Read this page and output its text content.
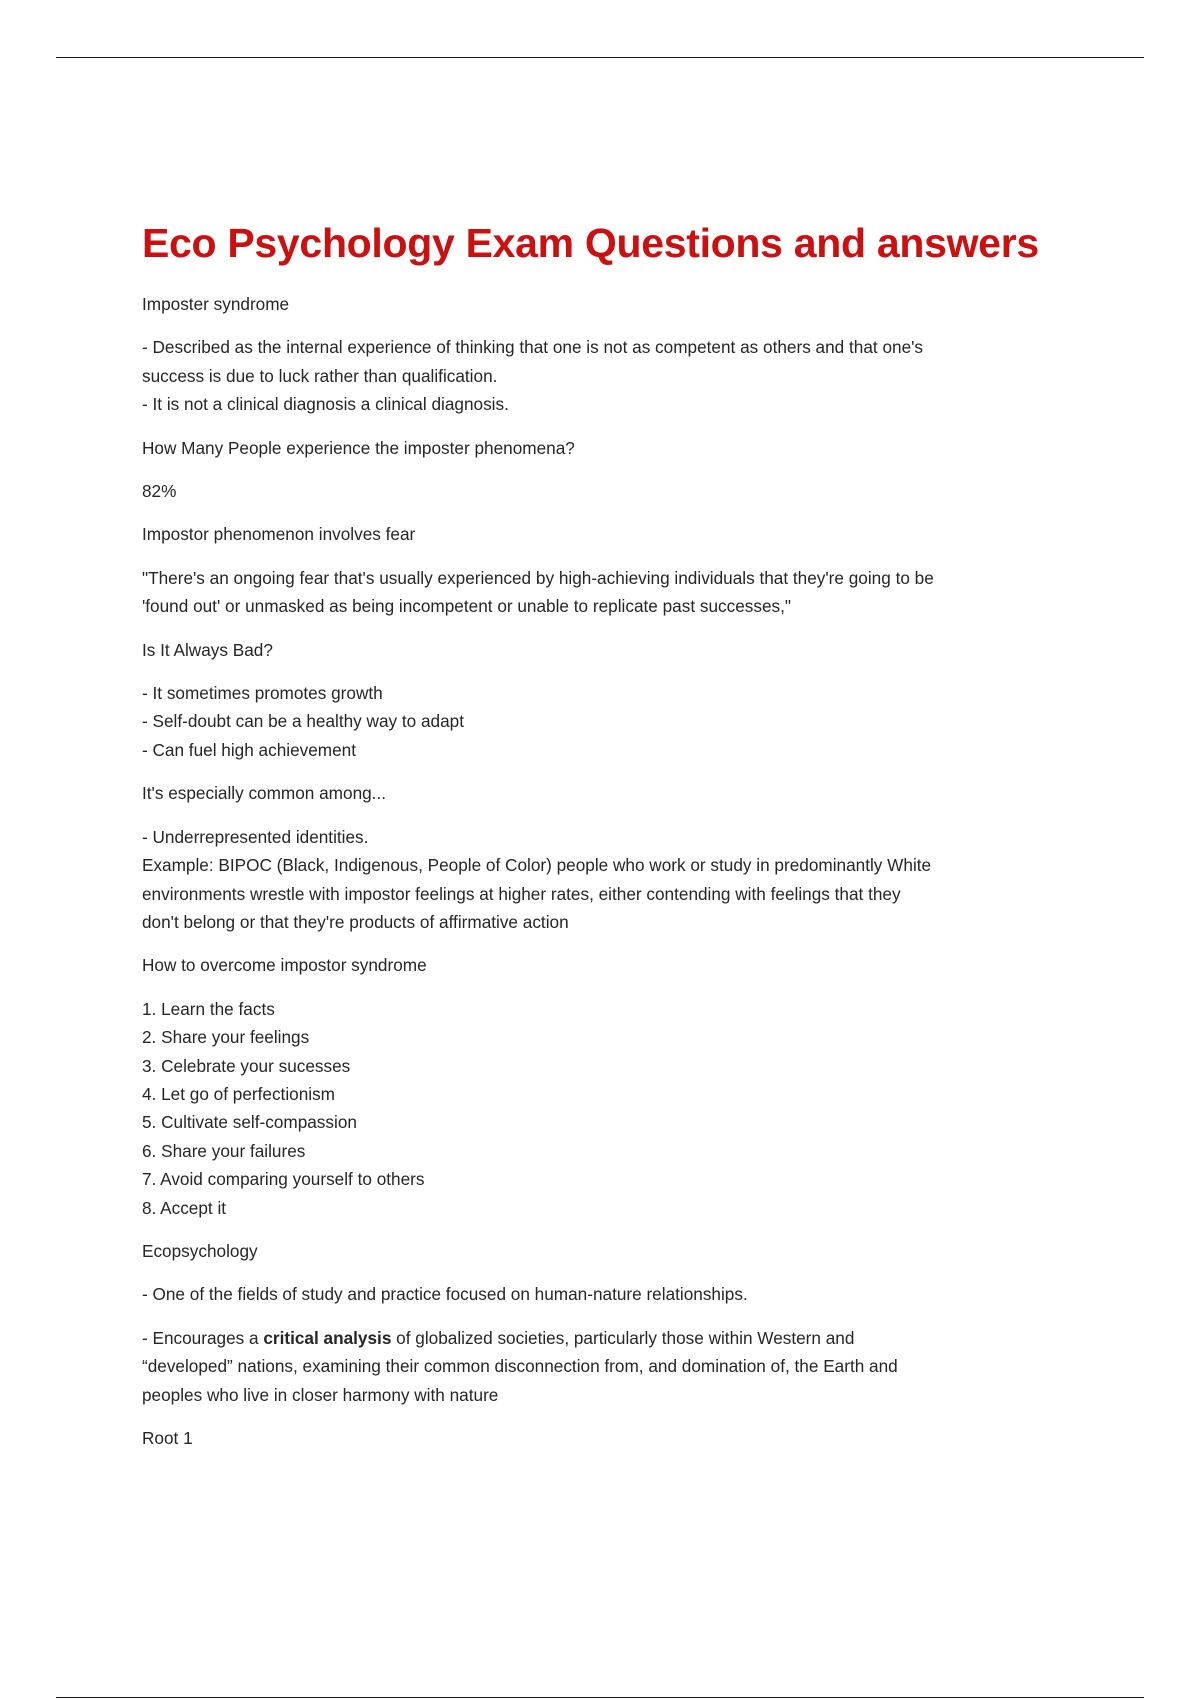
Eco Psychology Exam Questions and answers

Imposter syndrome

- Described as the internal experience of thinking that one is not as competent as others and that one's
success is due to luck rather than qualification.
- It is not a clinical diagnosis a clinical diagnosis.

How Many People experience the imposter phenomena?

82%

Impostor phenomenon involves fear

"There's an ongoing fear that's usually experienced by high-achieving individuals that they're going to be
'found out' or unmasked as being incompetent or unable to replicate past successes,"

Is It Always Bad?

- It sometimes promotes growth
- Self-doubt can be a healthy way to adapt
- Can fuel high achievement

It's especially common among...

- Underrepresented identities.
Example: BIPOC (Black, Indigenous, People of Color) people who work or study in predominantly White
environments wrestle with impostor feelings at higher rates, either contending with feelings that they
don't belong or that they're products of affirmative action

How to overcome impostor syndrome

1. Learn the facts
2. Share your feelings
3. Celebrate your sucesses
4. Let go of perfectionism
5. Cultivate self-compassion
6. Share your failures
7. Avoid comparing yourself to others
8. Accept it

Ecopsychology

- One of the fields of study and practice focused on human-nature relationships.

- Encourages a critical analysis of globalized societies, particularly those within Western and
“developed” nations, examining their common disconnection from, and domination of, the Earth and
peoples who live in closer harmony with nature

Root 1
